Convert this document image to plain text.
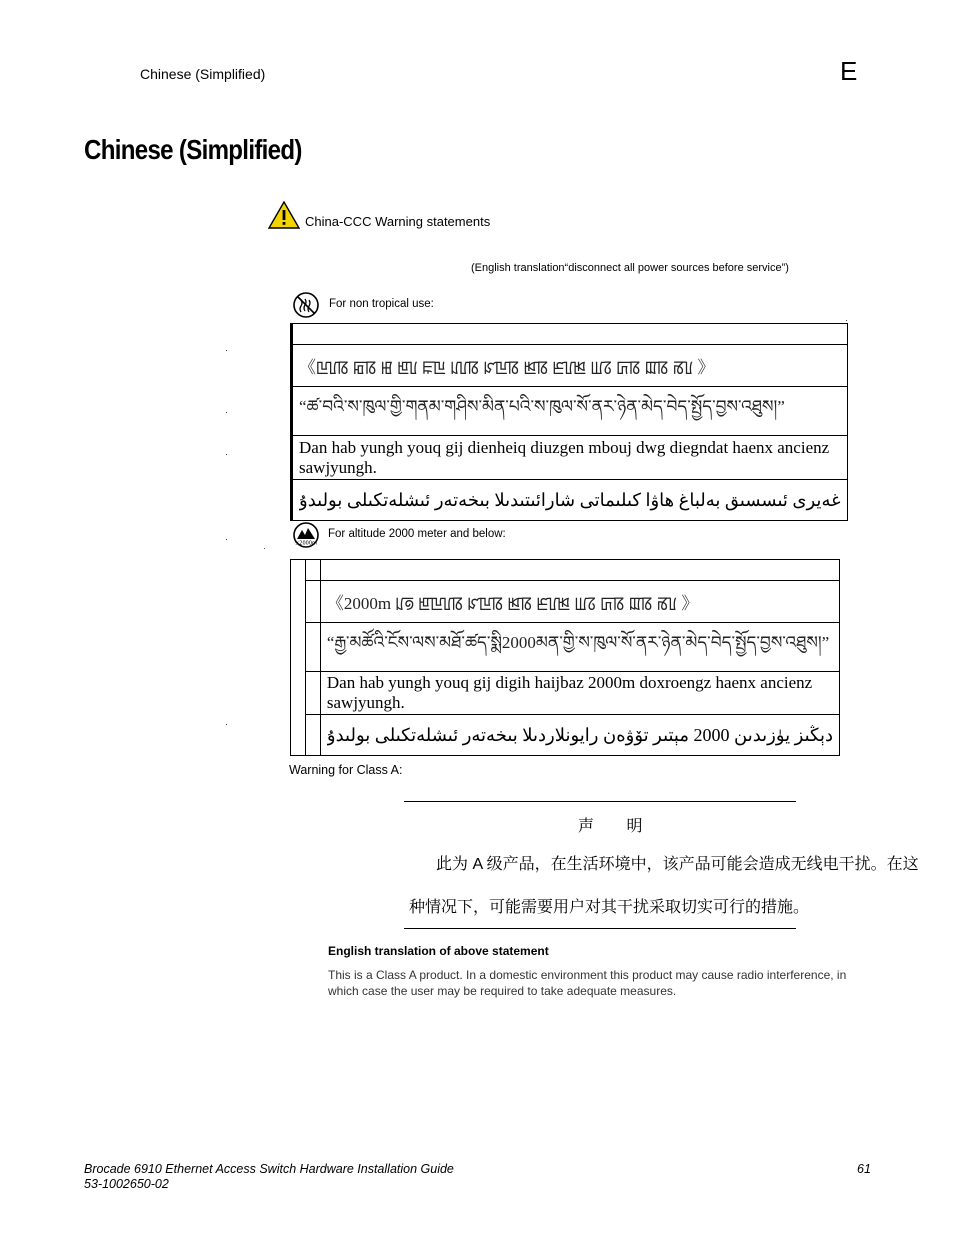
Chinese (Simplified)	E
Chinese (Simplified)
China-CCC Warning statements
(English translation“disconnect all power sources before service”)
For non tropical use:

	《ꡖꡦꡋ ꡂꡋ ꡅ ꡁꡦ ꡀꡖ ꡊꡦꡋ ꡜꡖꡋ ꡓꡋ ꡈꡦꡓ ꡆꡞ ꡚꡋ ꡉꡋ ꡏꡦ 》

	“ཚ་བའི་ས་ཁུལ་གྱི་གནམ་གཤིས་མིན་པའི་ས་ཁུལ་སོ་ནར་ཉེན་མེད་བེད་སྤྱོད་བྱས་འཐུས།”

	Dan hab yungh youq gij dienheiq diuzgen mbouj dwg diegndat haenx ancienz sawjyungh.

	غەيرى ئىسسىق بەلباغ ھاۋا كىلىماتى شارائىتىدىلا بىخەتەر ئىشلەتكىلى بولىدۇ
≤2000m
For altitude 2000 meter and below:

		《2000m ꡊꡟ ꡁꡖꡦꡋ ꡜꡖꡋ ꡓꡋ ꡈꡦꡓ ꡆꡞ ꡚꡋ ꡉꡋ ꡏꡦ 》

		“རྒྱ་མཚོའི་ངོས་ལས་མཐོ་ཚད་སྨི2000མན་གྱི་ས་ཁུལ་སོ་ནར་ཉེན་མེད་བེད་སྤྱོད་བྱས་འཐུས།”

		Dan hab yungh youq gij digih haijbaz 2000m doxroengz haenx ancienz sawjyungh.

		دېڭىز يۈزىدىن 2000 مېتىر تۆۋەن رايونلاردىلا بىخەتەر ئىشلەتكىلى بولىدۇ
Warning for Class A:
声 明
此为 A 级产品，在生活环境中，该产品可能会造成无线电干扰。在这
种情况下，可能需要用户对其干扰采取切实可行的措施。
English translation of above statement
This is a Class A product. In a domestic environment this product may cause radio interference, in which case the user may be required to take adequate measures.
Brocade 6910 Ethernet Access Switch Hardware Installation Guide
53-1002650-02
61
